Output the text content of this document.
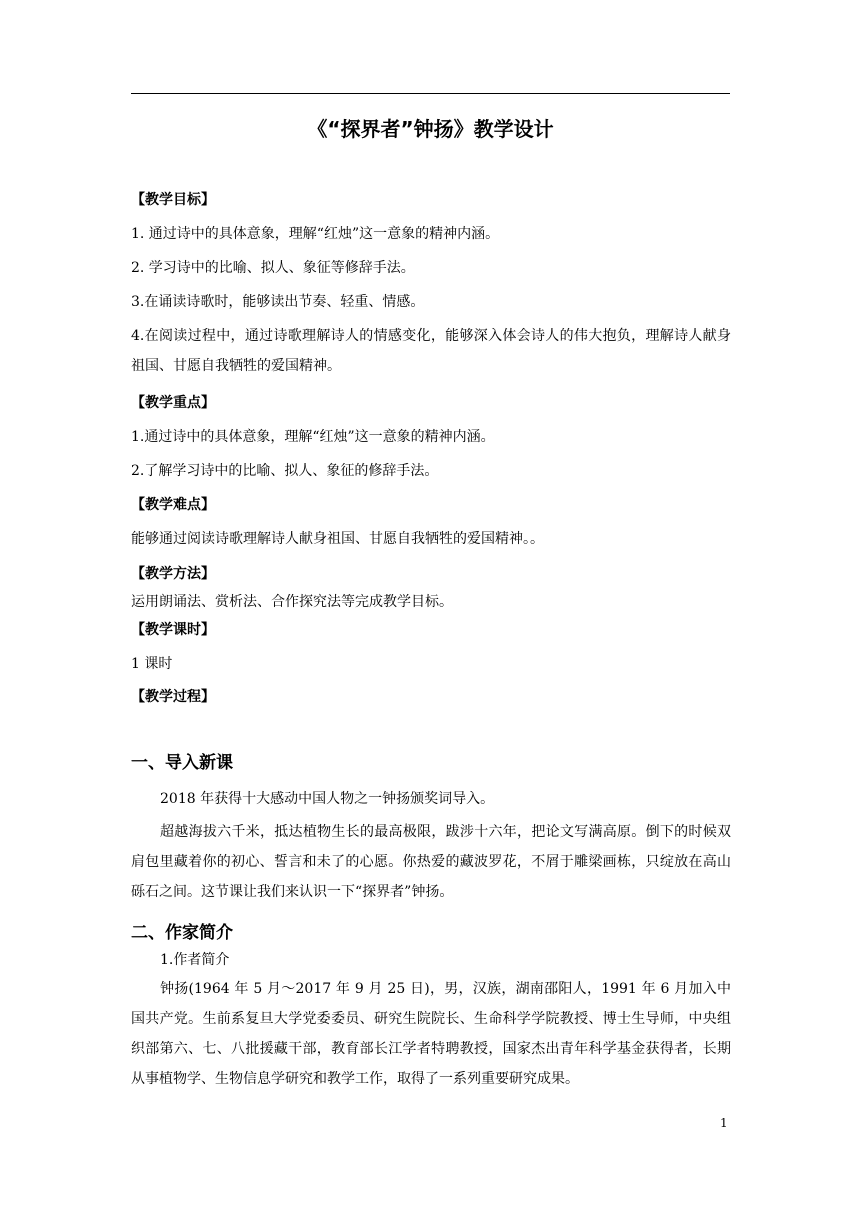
《“探界者”钟扬》教学设计
【教学目标】
1. 通过诗中的具体意象，理解“红烛”这一意象的精神内涵。
2. 学习诗中的比喻、拟人、象征等修辞手法。
3.在诵读诗歌时，能够读出节奏、轻重、情感。
4.在阅读过程中，通过诗歌理解诗人的情感变化，能够深入体会诗人的伟大抱负，理解诗人献身祖国、甘愿自我牺牲的爱国精神。
【教学重点】
1.通过诗中的具体意象，理解“红烛”这一意象的精神内涵。
2.了解学习诗中的比喻、拟人、象征的修辞手法。
【教学难点】
能够通过阅读诗歌理解诗人献身祖国、甘愿自我牺牲的爱国精神。。
【教学方法】
运用朗诵法、赏析法、合作探究法等完成教学目标。
【教学课时】
1 课时
【教学过程】
一、导入新课
2018 年获得十大感动中国人物之一钟扬颁奖词导入。
超越海拔六千米，抵达植物生长的最高极限，跋涉十六年，把论文写满高原。倒下的时候双肩包里藏着你的初心、誓言和未了的心愿。你热爱的藏波罗花，不屑于雕梁画栋，只绽放在高山砾石之间。这节课让我们来认识一下“探界者”钟扬。
二、作家简介
1.作者简介
钟扬(1964 年 5 月～2017 年 9 月 25 日)，男，汉族，湖南邵阳人，1991 年 6 月加入中国共产党。生前系复旦大学党委委员、研究生院院长、生命科学学院教授、博士生导师，中央组织部第六、七、八批援藏干部，教育部长江学者特聘教授，国家杰出青年科学基金获得者，长期从事植物学、生物信息学研究和教学工作，取得了一系列重要研究成果。
1
